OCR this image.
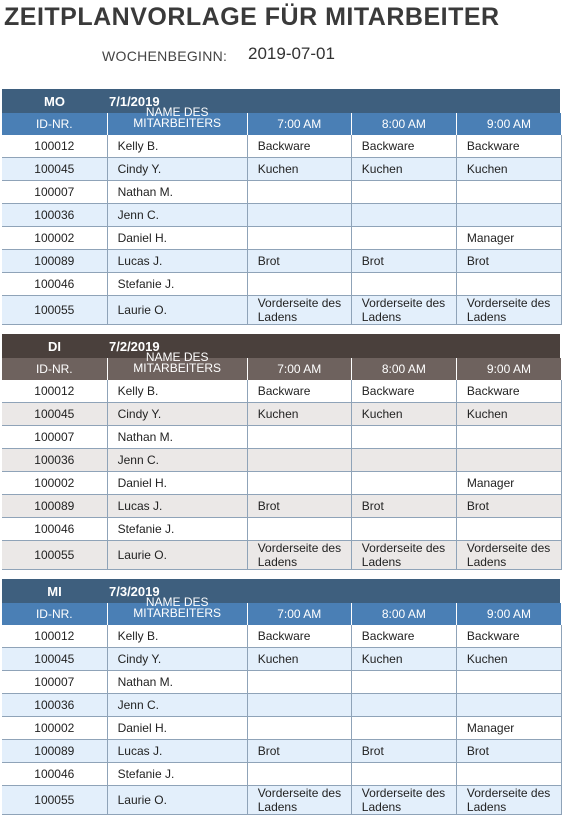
ZEITPLANVORLAGE FÜR MITARBEITER
WOCHENBEGINN: 2019-07-01
MO	7/1/2019
ID-NR.	NAME DES MITARBEITERS	7:00 AM	8:00 AM	9:00 AM
100012	Kelly B.	Backware	Backware	Backware
100045	Cindy Y.	Kuchen	Kuchen	Kuchen
100007	Nathan M.			
100036	Jenn C.			
100002	Daniel H.			Manager
100089	Lucas J.	Brot	Brot	Brot
100046	Stefanie J.			
100055	Laurie O.	Vorderseite des Ladens	Vorderseite des Ladens	Vorderseite des Ladens
DI	7/2/2019
ID-NR.	NAME DES MITARBEITERS	7:00 AM	8:00 AM	9:00 AM
100012	Kelly B.	Backware	Backware	Backware
100045	Cindy Y.	Kuchen	Kuchen	Kuchen
100007	Nathan M.			
100036	Jenn C.			
100002	Daniel H.			Manager
100089	Lucas J.	Brot	Brot	Brot
100046	Stefanie J.			
100055	Laurie O.	Vorderseite des Ladens	Vorderseite des Ladens	Vorderseite des Ladens
MI	7/3/2019
ID-NR.	NAME DES MITARBEITERS	7:00 AM	8:00 AM	9:00 AM
100012	Kelly B.	Backware	Backware	Backware
100045	Cindy Y.	Kuchen	Kuchen	Kuchen
100007	Nathan M.			
100036	Jenn C.			
100002	Daniel H.			Manager
100089	Lucas J.	Brot	Brot	Brot
100046	Stefanie J.			
100055	Laurie O.	Vorderseite des Ladens	Vorderseite des Ladens	Vorderseite des Ladens
